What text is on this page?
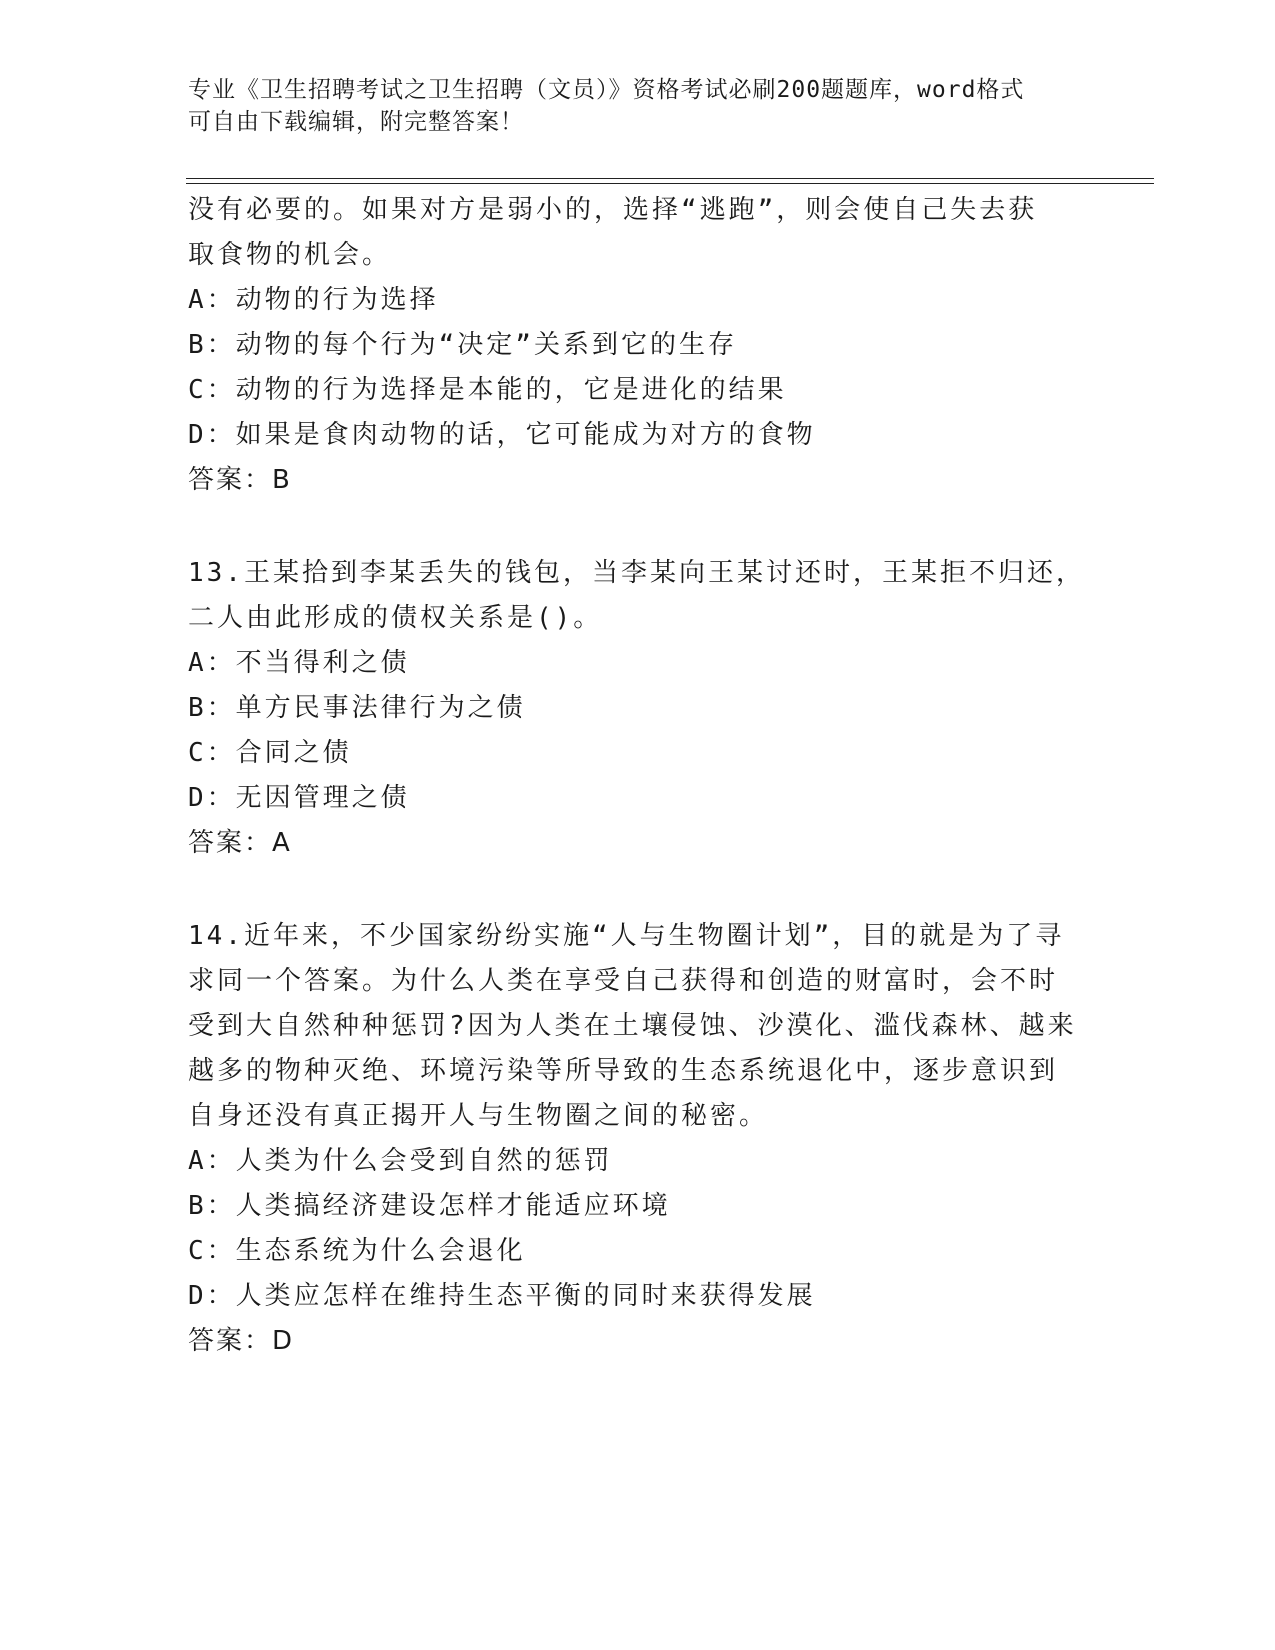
专业《卫生招聘考试之卫生招聘（文员）》资格考试必刷200题题库，word格式
可自由下载编辑，附完整答案！
没有必要的。如果对方是弱小的，选择“逃跑”，则会使自己失去获
取食物的机会。
A：动物的行为选择
B：动物的每个行为“决定”关系到它的生存
C：动物的行为选择是本能的，它是进化的结果
D：如果是食肉动物的话，它可能成为对方的食物
答案：B
13.王某拾到李某丢失的钱包，当李某向王某讨还时，王某拒不归还，
二人由此形成的债权关系是()。
A：不当得利之债
B：单方民事法律行为之债
C：合同之债
D：无因管理之债
答案：A
14.近年来，不少国家纷纷实施“人与生物圈计划”，目的就是为了寻
求同一个答案。为什么人类在享受自己获得和创造的财富时，会不时
受到大自然种种惩罚?因为人类在土壤侵蚀、沙漠化、滥伐森林、越来
越多的物种灭绝、环境污染等所导致的生态系统退化中，逐步意识到
自身还没有真正揭开人与生物圈之间的秘密。
A：人类为什么会受到自然的惩罚
B：人类搞经济建设怎样才能适应环境
C：生态系统为什么会退化
D：人类应怎样在维持生态平衡的同时来获得发展
答案：D
